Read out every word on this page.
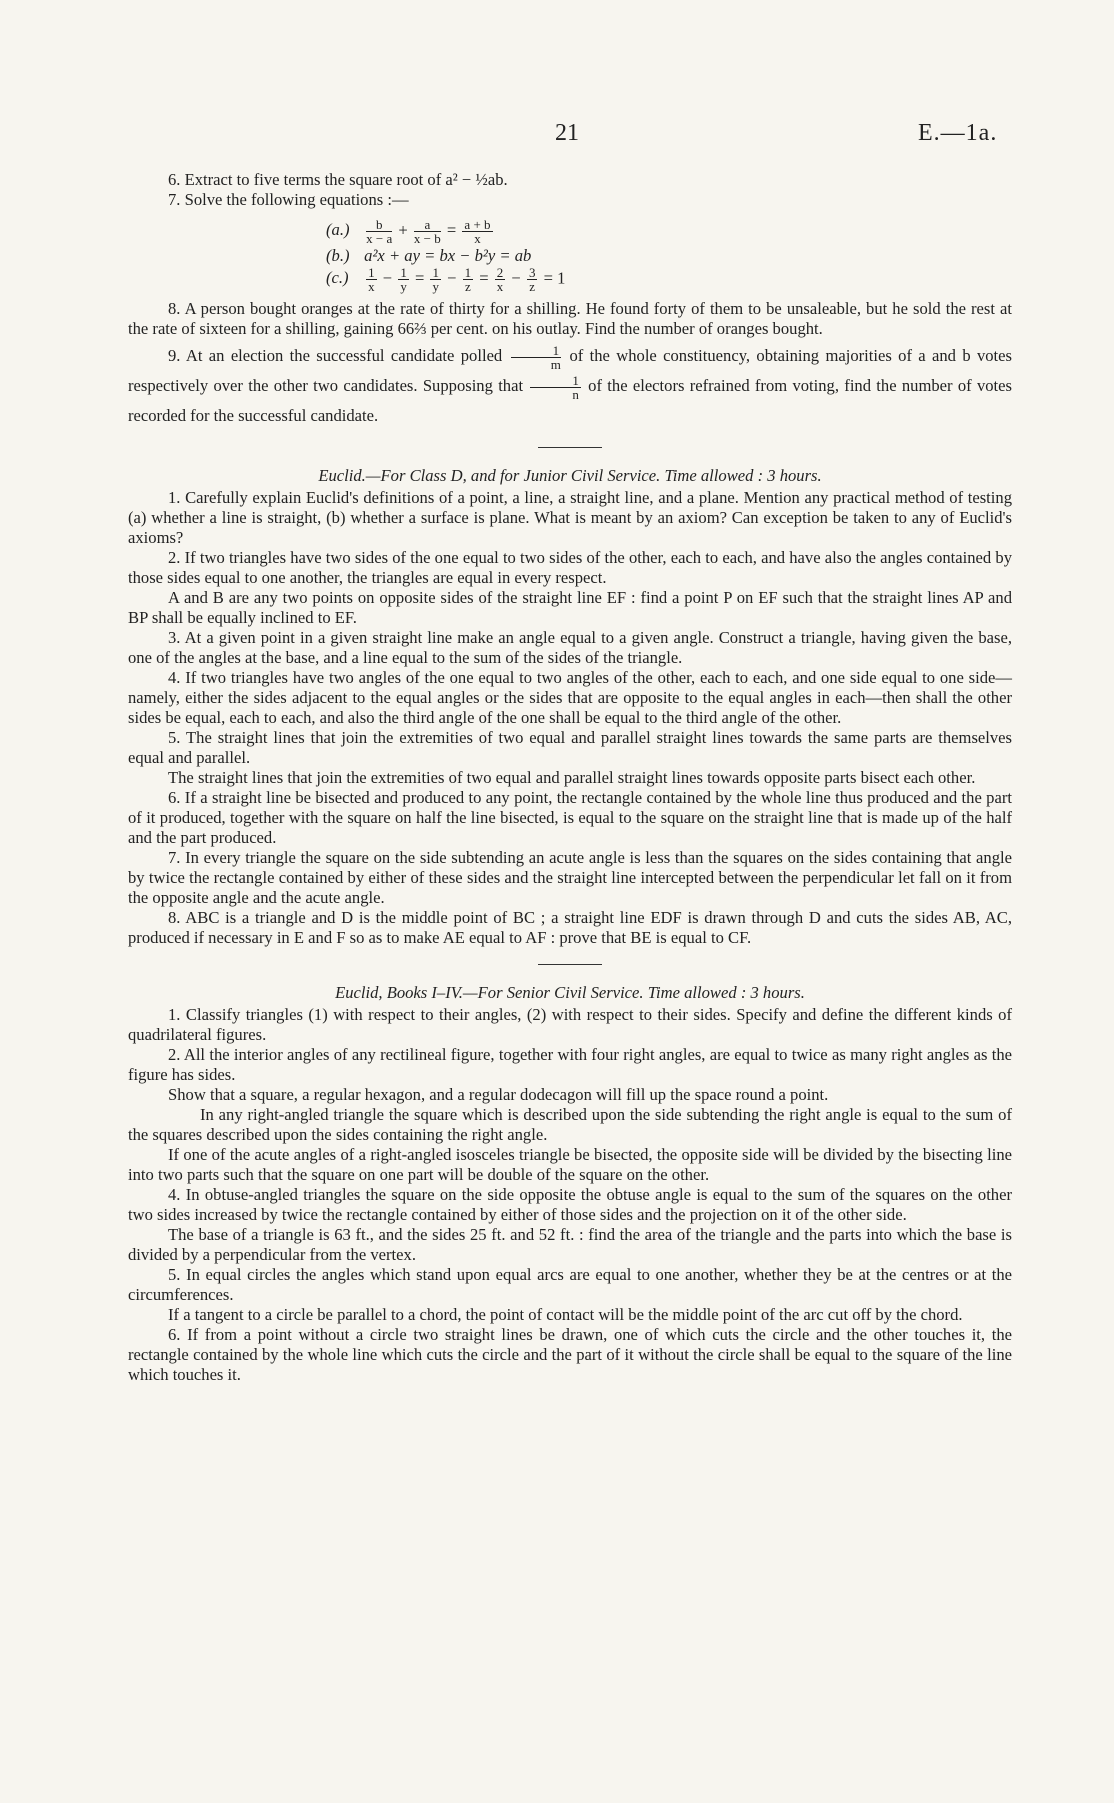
21	E.—1a.

6. Extract to five terms the square root of a² − ½ab.

7. Solve the following equations :—

$(a.) \frac{b}{x - a} + \frac{a}{x - b} = \frac{a + b}{x}$
(b.) a²x + ay = bx − b²y = ab
$(c.) \frac{1}{x} - \frac{1}{y} = \frac{1}{y} - \frac{1}{z} = \frac{2}{x} - \frac{3}{z} = 1$

8. A person bought oranges at the rate of thirty for a shilling. He found forty of them to be unsaleable, but he sold the rest at the rate of sixteen for a shilling, gaining 66⅔ per cent. on his outlay. Find the number of oranges bought.

9. At an election the successful candidate polled $\frac{1}{m}$ of the whole constituency, obtaining majorities of a and b votes respectively over the other two candidates. Supposing that $\frac{1}{n}$ of the electors refrained from voting, find the number of votes recorded for the successful candidate.

Euclid.—For Class D, and for Junior Civil Service. Time allowed : 3 hours.

1. Carefully explain Euclid's definitions of a point, a line, a straight line, and a plane. Mention any practical method of testing (a) whether a line is straight, (b) whether a surface is plane. What is meant by an axiom? Can exception be taken to any of Euclid's axioms?

2. If two triangles have two sides of the one equal to two sides of the other, each to each, and have also the angles contained by those sides equal to one another, the triangles are equal in every respect.

A and B are any two points on opposite sides of the straight line EF : find a point P on EF such that the straight lines AP and BP shall be equally inclined to EF.

3. At a given point in a given straight line make an angle equal to a given angle. Construct a triangle, having given the base, one of the angles at the base, and a line equal to the sum of the sides of the triangle.

4. If two triangles have two angles of the one equal to two angles of the other, each to each, and one side equal to one side—namely, either the sides adjacent to the equal angles or the sides that are opposite to the equal angles in each—then shall the other sides be equal, each to each, and also the third angle of the one shall be equal to the third angle of the other.

5. The straight lines that join the extremities of two equal and parallel straight lines towards the same parts are themselves equal and parallel.

The straight lines that join the extremities of two equal and parallel straight lines towards opposite parts bisect each other.

6. If a straight line be bisected and produced to any point, the rectangle contained by the whole line thus produced and the part of it produced, together with the square on half the line bisected, is equal to the square on the straight line that is made up of the half and the part produced.

7. In every triangle the square on the side subtending an acute angle is less than the squares on the sides containing that angle by twice the rectangle contained by either of these sides and the straight line intercepted between the perpendicular let fall on it from the opposite angle and the acute angle.

8. ABC is a triangle and D is the middle point of BC ; a straight line EDF is drawn through D and cuts the sides AB, AC, produced if necessary in E and F so as to make AE equal to AF : prove that BE is equal to CF.

Euclid, Books I–IV.—For Senior Civil Service. Time allowed : 3 hours.

1. Classify triangles (1) with respect to their angles, (2) with respect to their sides. Specify and define the different kinds of quadrilateral figures.

2. All the interior angles of any rectilineal figure, together with four right angles, are equal to twice as many right angles as the figure has sides.

Show that a square, a regular hexagon, and a regular dodecagon will fill up the space round a point.

In any right-angled triangle the square which is described upon the side subtending the right angle is equal to the sum of the squares described upon the sides containing the right angle.

If one of the acute angles of a right-angled isosceles triangle be bisected, the opposite side will be divided by the bisecting line into two parts such that the square on one part will be double of the square on the other.

4. In obtuse-angled triangles the square on the side opposite the obtuse angle is equal to the sum of the squares on the other two sides increased by twice the rectangle contained by either of those sides and the projection on it of the other side.

The base of a triangle is 63 ft., and the sides 25 ft. and 52 ft. : find the area of the triangle and the parts into which the base is divided by a perpendicular from the vertex.

5. In equal circles the angles which stand upon equal arcs are equal to one another, whether they be at the centres or at the circumferences.

If a tangent to a circle be parallel to a chord, the point of contact will be the middle point of the arc cut off by the chord.

6. If from a point without a circle two straight lines be drawn, one of which cuts the circle and the other touches it, the rectangle contained by the whole line which cuts the circle and the part of it without the circle shall be equal to the square of the line which touches it.
